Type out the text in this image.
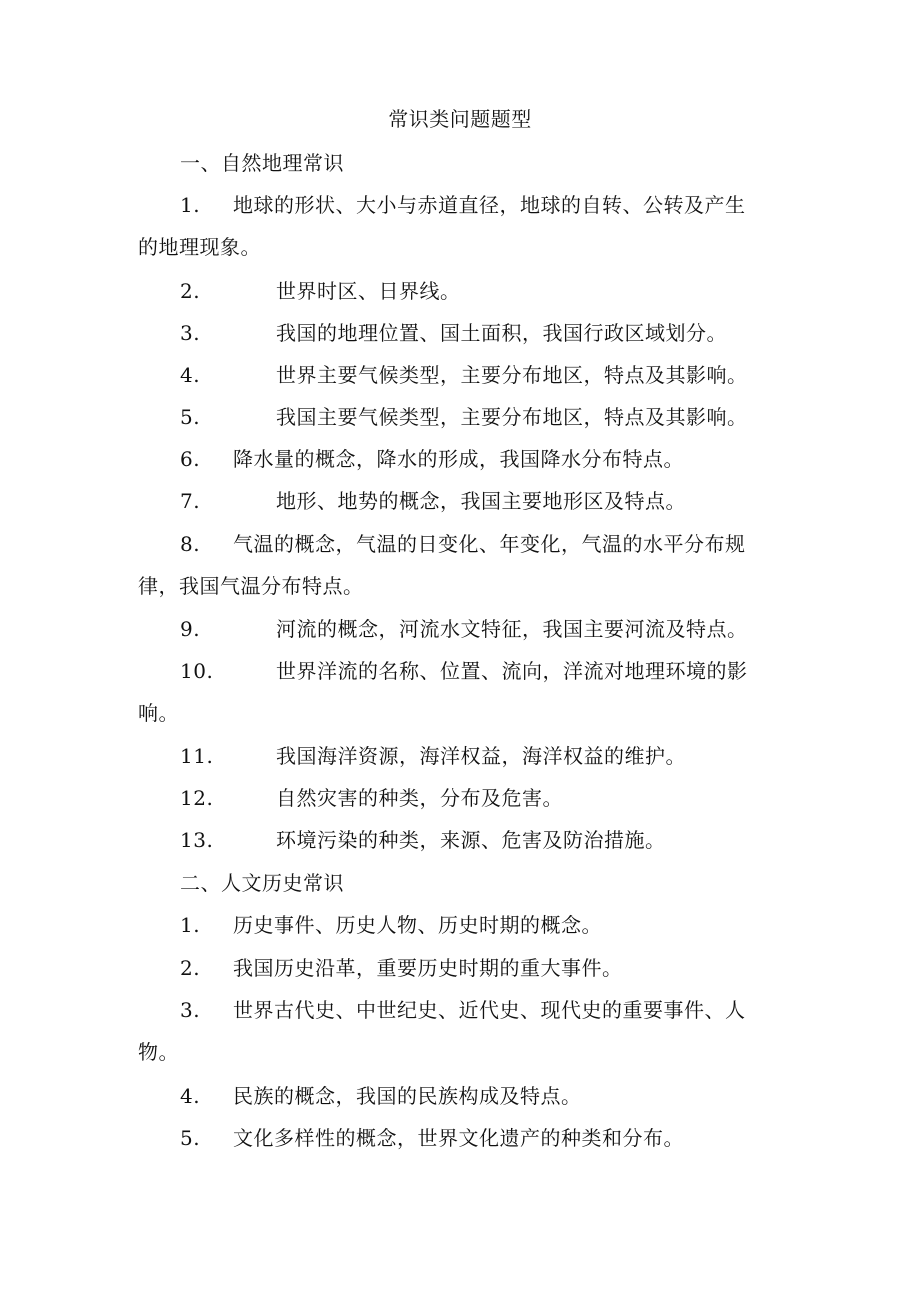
常识类问题题型
一、自然地理常识
1. 地球的形状、大小与赤道直径，地球的自转、公转及产生
的地理现象。
2.	世界时区、日界线。
3.	我国的地理位置、国土面积，我国行政区域划分。
4.	世界主要气候类型，主要分布地区，特点及其影响。
5.	我国主要气候类型，主要分布地区，特点及其影响。
6. 降水量的概念，降水的形成，我国降水分布特点。
7.	地形、地势的概念，我国主要地形区及特点。
8. 气温的概念，气温的日变化、年变化，气温的水平分布规
律，我国气温分布特点。
9.	河流的概念，河流水文特征，我国主要河流及特点。
10.	世界洋流的名称、位置、流向，洋流对地理环境的影
响。
11.	我国海洋资源，海洋权益，海洋权益的维护。
12.	自然灾害的种类，分布及危害。
13.	环境污染的种类，来源、危害及防治措施。
二、人文历史常识
1. 历史事件、历史人物、历史时期的概念。
2. 我国历史沿革，重要历史时期的重大事件。
3. 世界古代史、中世纪史、近代史、现代史的重要事件、人
物。
4. 民族的概念，我国的民族构成及特点。
5. 文化多样性的概念，世界文化遗产的种类和分布。
